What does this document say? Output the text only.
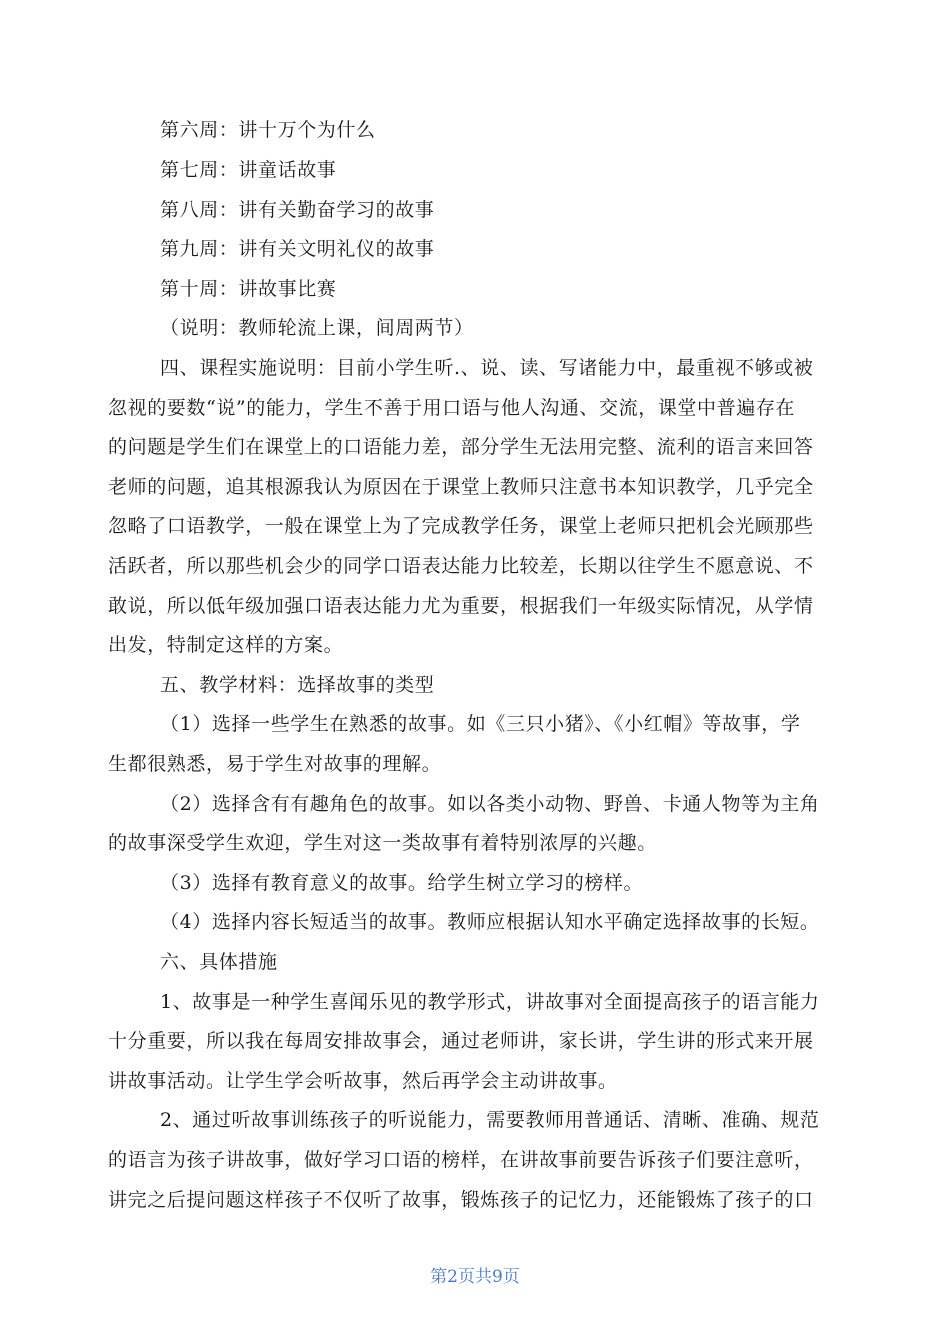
第六周：讲十万个为什么
第七周：讲童话故事
第八周：讲有关勤奋学习的故事
第九周：讲有关文明礼仪的故事
第十周：讲故事比赛
（说明：教师轮流上课，间周两节）
四、课程实施说明：目前小学生听.、说、读、写诸能力中，最重视不够或被
忽视的要数“说”的能力，学生不善于用口语与他人沟通、交流，课堂中普遍存在
的问题是学生们在课堂上的口语能力差，部分学生无法用完整、流利的语言来回答
老师的问题，追其根源我认为原因在于课堂上教师只注意书本知识教学，几乎完全
忽略了口语教学，一般在课堂上为了完成教学任务，课堂上老师只把机会光顾那些
活跃者，所以那些机会少的同学口语表达能力比较差，长期以往学生不愿意说、不
敢说，所以低年级加强口语表达能力尤为重要，根据我们一年级实际情况，从学情
出发，特制定这样的方案。
五、教学材料：选择故事的类型
（1）选择一些学生在熟悉的故事。如《三只小猪》、《小红帽》等故事，学
生都很熟悉，易于学生对故事的理解。
（2）选择含有有趣角色的故事。如以各类小动物、野兽、卡通人物等为主角
的故事深受学生欢迎，学生对这一类故事有着特别浓厚的兴趣。
（3）选择有教育意义的故事。给学生树立学习的榜样。
（4）选择内容长短适当的故事。教师应根据认知水平确定选择故事的长短。
六、具体措施
1、故事是一种学生喜闻乐见的教学形式，讲故事对全面提高孩子的语言能力
十分重要，所以我在每周安排故事会，通过老师讲，家长讲，学生讲的形式来开展
讲故事活动。让学生学会听故事，然后再学会主动讲故事。
2、通过听故事训练孩子的听说能力，需要教师用普通话、清晰、准确、规范
的语言为孩子讲故事，做好学习口语的榜样，在讲故事前要告诉孩子们要注意听，
讲完之后提问题这样孩子不仅听了故事，锻炼孩子的记忆力，还能锻炼了孩子的口
第2页共9页
